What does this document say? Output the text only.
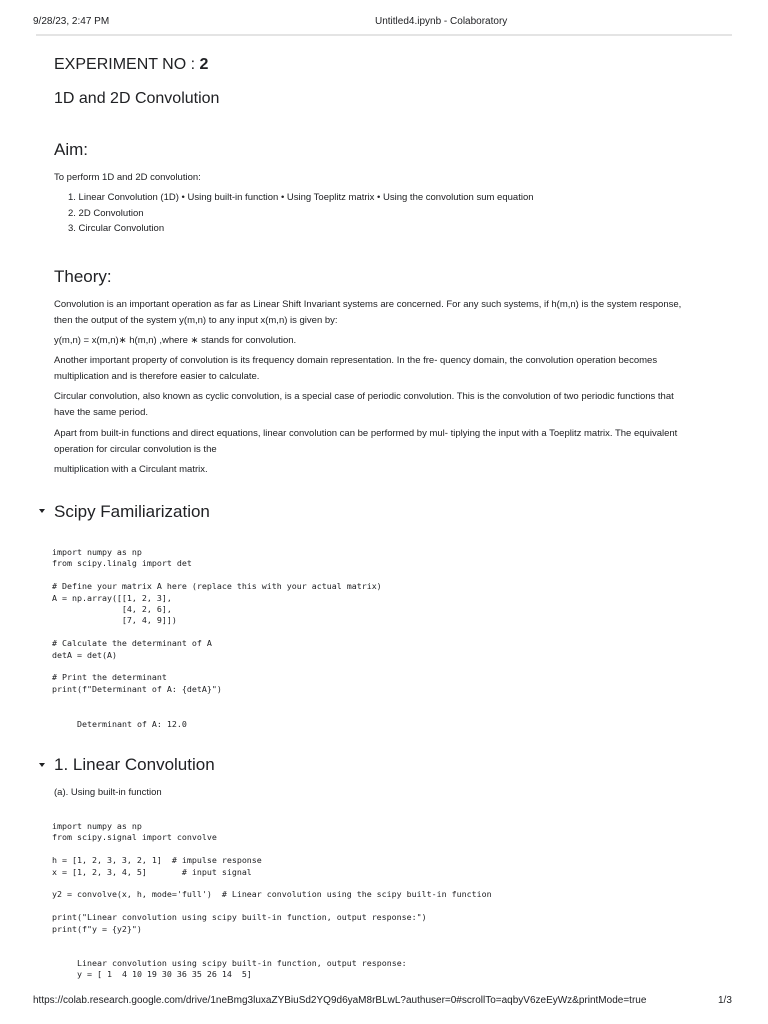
9/28/23, 2:47 PM	Untitled4.ipynb - Colaboratory
EXPERIMENT NO : 2
1D and 2D Convolution
Aim:
To perform 1D and 2D convolution:
1. Linear Convolution (1D) • Using built-in function • Using Toeplitz matrix • Using the convolution sum equation
2. 2D Convolution
3. Circular Convolution
Theory:
Convolution is an important operation as far as Linear Shift Invariant systems are concerned. For any such systems, if h(m,n) is the system response, then the output of the system y(m,n) to any input x(m,n) is given by:
y(m,n) = x(m,n)∗ h(m,n) ,where ∗ stands for convolution.
Another important property of convolution is its frequency domain representation. In the fre- quency domain, the convolution operation becomes multiplication and is therefore easier to calculate.
Circular convolution, also known as cyclic convolution, is a special case of periodic convolution. This is the convolution of two periodic functions that have the same period.
Apart from built-in functions and direct equations, linear convolution can be performed by mul- tiplying the input with a Toeplitz matrix. The equivalent operation for circular convolution is the
multiplication with a Circulant matrix.
Scipy Familiarization
import numpy as np
from scipy.linalg import det

# Define your matrix A here (replace this with your actual matrix)
A = np.array([[1, 2, 3],
[4, 2, 6],
[7, 4, 9]])

# Calculate the determinant of A
detA = det(A)

# Print the determinant
print(f"Determinant of A: {detA}")
Determinant of A: 12.0
1. Linear Convolution
(a). Using built-in function
import numpy as np
from scipy.signal import convolve

h = [1, 2, 3, 3, 2, 1]  # impulse response
x = [1, 2, 3, 4, 5]       # input signal

y2 = convolve(x, h, mode='full')  # Linear convolution using the scipy built-in function

print("Linear convolution using scipy built-in function, output response:")
print(f"y = {y2}")
Linear convolution using scipy built-in function, output response:
y = [ 1  4 10 19 30 36 35 26 14  5]
https://colab.research.google.com/drive/1neBmg3luxaZYBiuSd2YQ9d6yaM8rBLwL?authuser=0#scrollTo=aqbyV6zeEyWz&printMode=true	1/3
